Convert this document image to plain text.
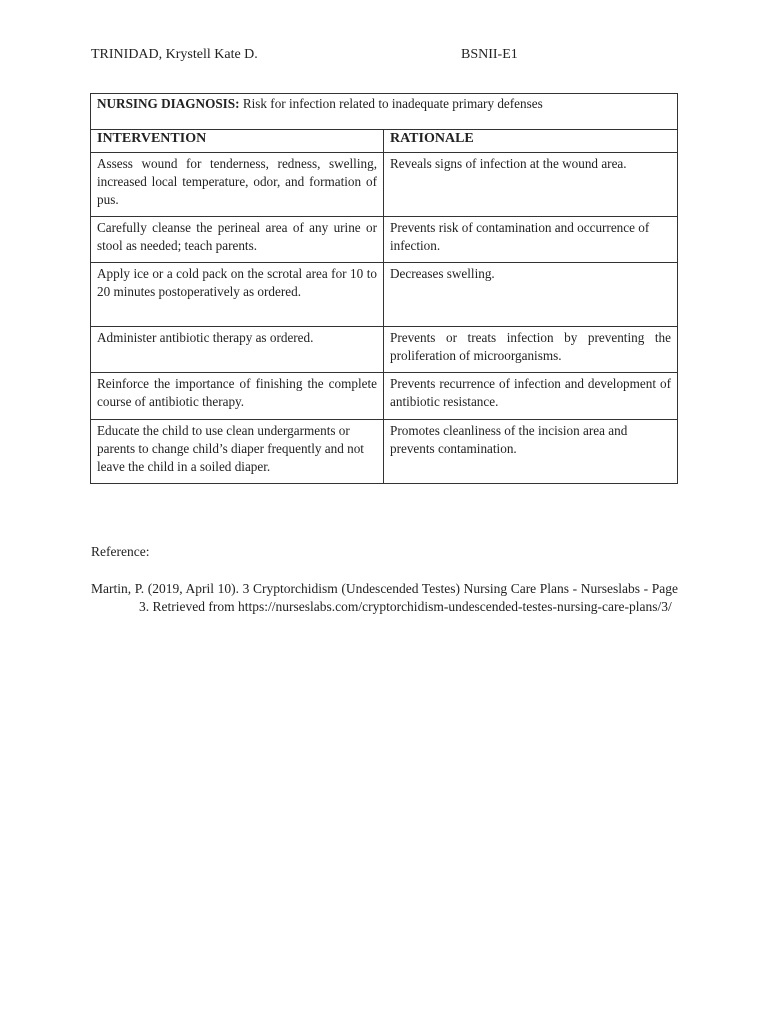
TRINIDAD, Krystell Kate D.	BSNII-E1
NURSING DIAGNOSIS: Risk for infection related to inadequate primary defenses	
INTERVENTION	RATIONALE
Assess wound for tenderness, redness, swelling, increased local temperature, odor, and formation of pus.	Reveals signs of infection at the wound area.
Carefully cleanse the perineal area of any urine or stool as needed; teach parents.	Prevents risk of contamination and occurrence of infection.
Apply ice or a cold pack on the scrotal area for 10 to 20 minutes postoperatively as ordered.	Decreases swelling.
Administer antibiotic therapy as ordered.	Prevents or treats infection by preventing the proliferation of microorganisms.
Reinforce the importance of finishing the complete course of antibiotic therapy.	Prevents recurrence of infection and development of antibiotic resistance.
Educate the child to use clean undergarments or parents to change child’s diaper frequently and not leave the child in a soiled diaper.	Promotes cleanliness of the incision area and prevents contamination.
Reference:
Martin, P. (2019, April 10). 3 Cryptorchidism (Undescended Testes) Nursing Care Plans - Nurseslabs - Page 3. Retrieved from https://nurseslabs.com/cryptorchidism-undescended-testes-nursing-care-plans/3/
